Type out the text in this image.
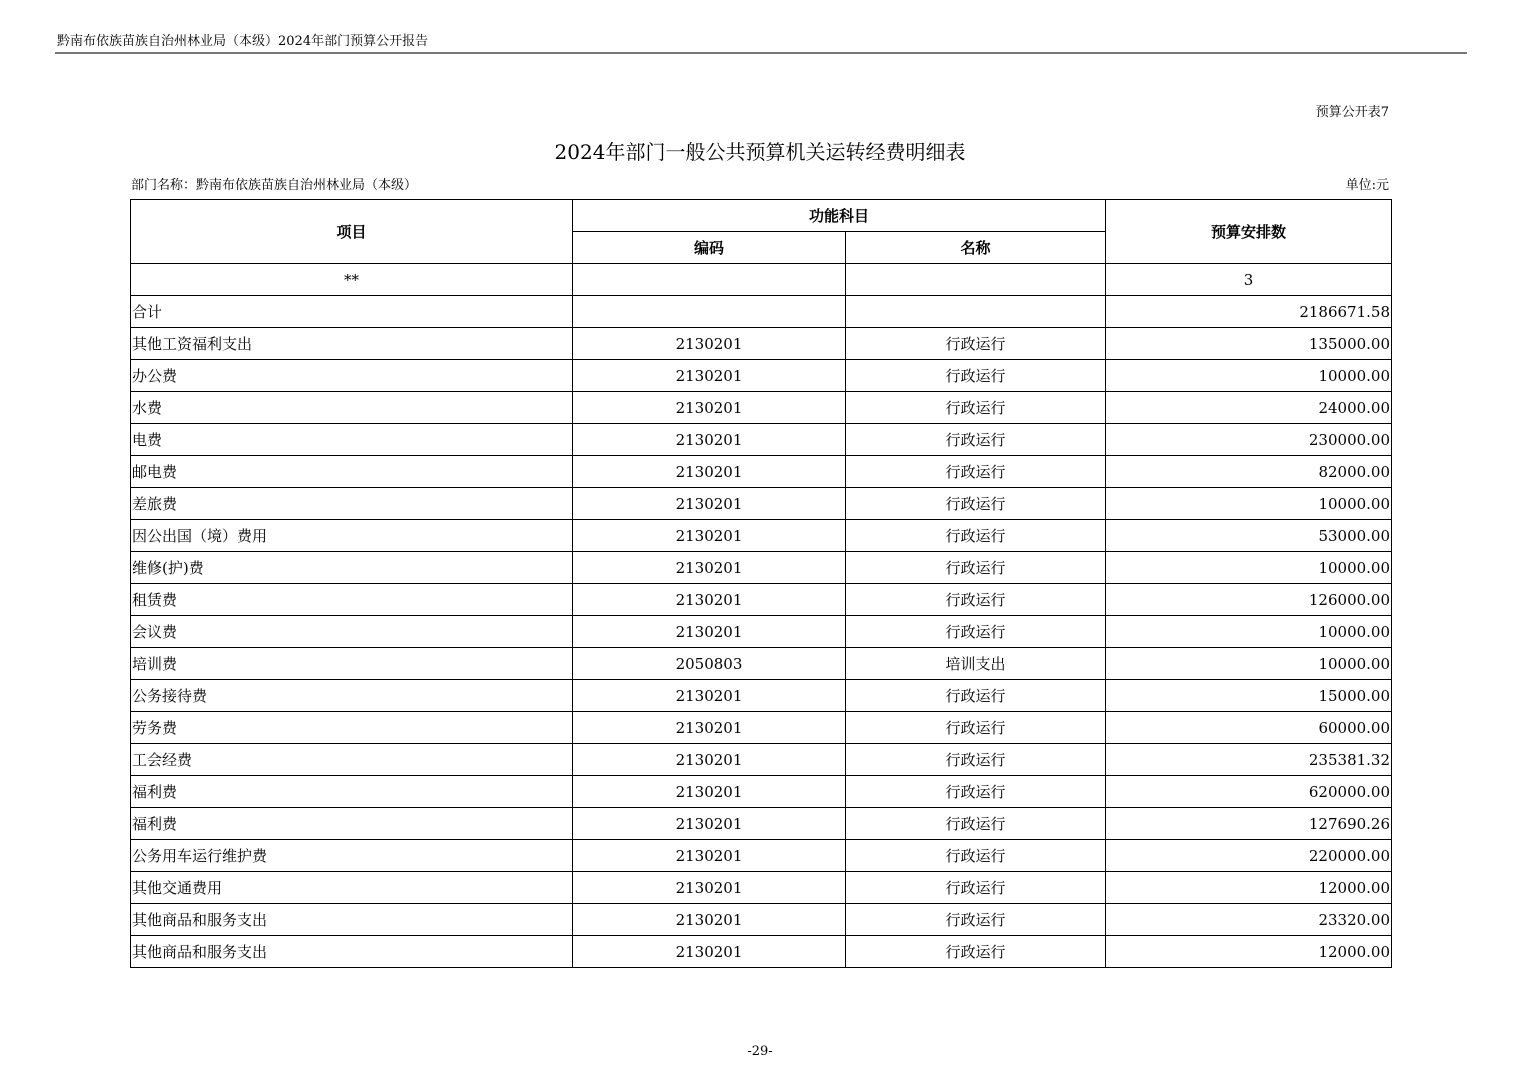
黔南布依族苗族自治州林业局（本级）2024年部门预算公开报告
预算公开表7
2024年部门一般公共预算机关运转经费明细表
部门名称：黔南布依族苗族自治州林业局（本级）	单位:元
项目	功能科目		预算安排数
	编码	名称	
**			3
合计			2186671.58
其他工资福利支出	2130201	行政运行	135000.00
办公费	2130201	行政运行	10000.00
水费	2130201	行政运行	24000.00
电费	2130201	行政运行	230000.00
邮电费	2130201	行政运行	82000.00
差旅费	2130201	行政运行	10000.00
因公出国（境）费用	2130201	行政运行	53000.00
维修(护)费	2130201	行政运行	10000.00
租赁费	2130201	行政运行	126000.00
会议费	2130201	行政运行	10000.00
培训费	2050803	培训支出	10000.00
公务接待费	2130201	行政运行	15000.00
劳务费	2130201	行政运行	60000.00
工会经费	2130201	行政运行	235381.32
福利费	2130201	行政运行	620000.00
福利费	2130201	行政运行	127690.26
公务用车运行维护费	2130201	行政运行	220000.00
其他交通费用	2130201	行政运行	12000.00
其他商品和服务支出	2130201	行政运行	23320.00
其他商品和服务支出	2130201	行政运行	12000.00
-29-
